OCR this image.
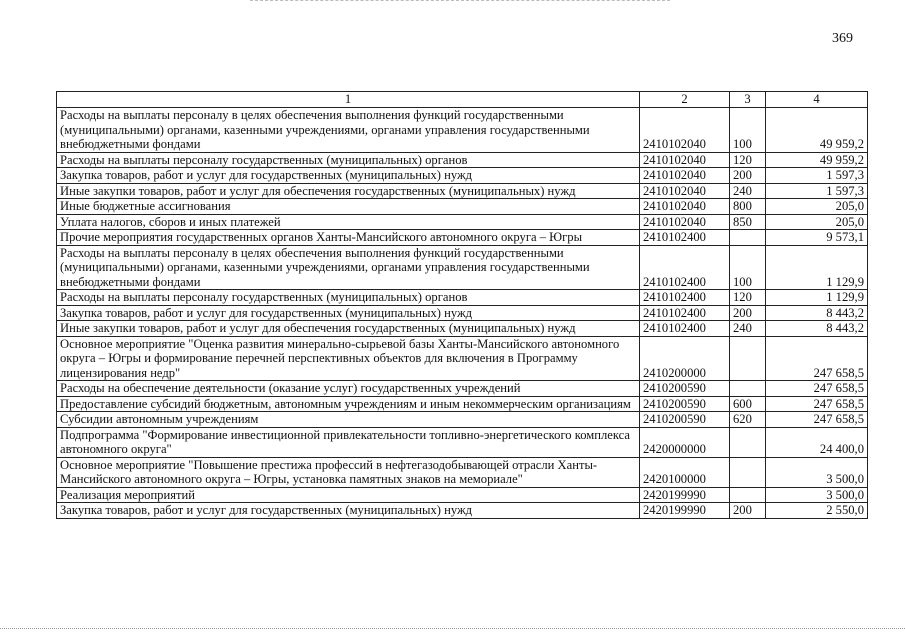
369
1	2	3	4
Расходы на выплаты персоналу в целях обеспечения выполнения функций государственными (муниципальными) органами, казенными учреждениями, органами управления государственными внебюджетными фондами	2410102040	100	49 959,2
Расходы на выплаты персоналу государственных (муниципальных) органов	2410102040	120	49 959,2
Закупка товаров, работ и услуг для государственных (муниципальных) нужд	2410102040	200	1 597,3
Иные закупки товаров, работ и услуг для обеспечения государственных (муниципальных) нужд	2410102040	240	1 597,3
Иные бюджетные ассигнования	2410102040	800	205,0
Уплата налогов, сборов и иных платежей	2410102040	850	205,0
Прочие мероприятия государственных органов Ханты-Мансийского автономного округа – Югры	2410102400		9 573,1
Расходы на выплаты персоналу в целях обеспечения выполнения функций государственными (муниципальными) органами, казенными учреждениями, органами управления государственными внебюджетными фондами	2410102400	100	1 129,9
Расходы на выплаты персоналу государственных (муниципальных) органов	2410102400	120	1 129,9
Закупка товаров, работ и услуг для государственных (муниципальных) нужд	2410102400	200	8 443,2
Иные закупки товаров, работ и услуг для обеспечения государственных (муниципальных) нужд	2410102400	240	8 443,2
Основное мероприятие "Оценка развития минерально-сырьевой базы Ханты-Мансийского автономного округа – Югры и формирование перечней перспективных объектов для включения в Программу лицензирования недр"	2410200000		247 658,5
Расходы на обеспечение деятельности (оказание услуг) государственных учреждений	2410200590		247 658,5
Предоставление субсидий бюджетным, автономным учреждениям и иным некоммерческим организациям	2410200590	600	247 658,5
Субсидии автономным учреждениям	2410200590	620	247 658,5
Подпрограмма "Формирование инвестиционной привлекательности топливно-энергетического комплекса автономного округа"	2420000000		24 400,0
Основное мероприятие "Повышение престижа профессий в нефтегазодобывающей отрасли Ханты-Мансийского автономного округа – Югры, установка памятных знаков на мемориале"	2420100000		3 500,0
Реализация мероприятий	2420199990		3 500,0
Закупка товаров, работ и услуг для государственных (муниципальных) нужд	2420199990	200	2 550,0
